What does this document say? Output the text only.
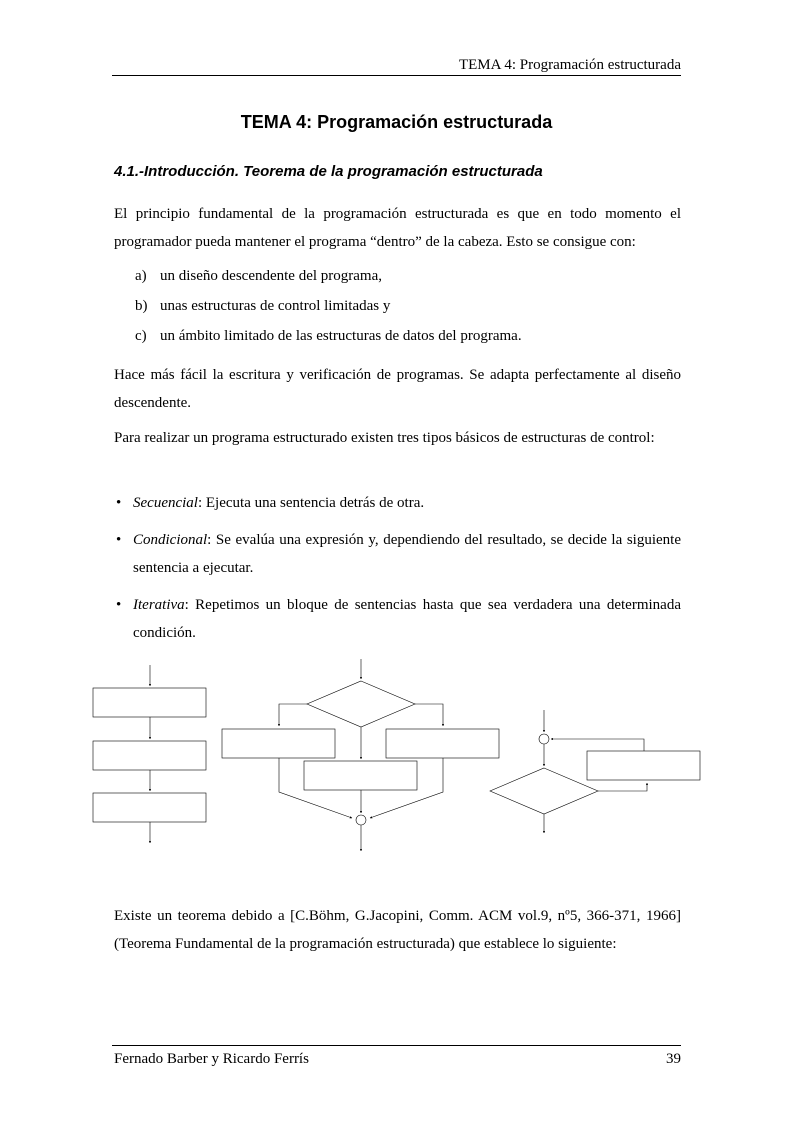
TEMA 4: Programación estructurada
TEMA 4: Programación estructurada
4.1.-Introducción. Teorema de la programación estructurada

El principio fundamental de la programación estructurada es que en todo momento el programador pueda mantener el programa “dentro” de la cabeza. Esto se consigue con:

a) un diseño descendente del programa,
b) unas estructuras de control limitadas y
c) un ámbito limitado de las estructuras de datos del programa.

Hace más fácil la escritura y verificación de programas. Se adapta perfectamente al diseño descendente.

Para realizar un programa estructurado existen tres tipos básicos de estructuras de control:

• Secuencial: Ejecuta una sentencia detrás de otra.

• Condicional: Se evalúa una expresión y, dependiendo del resultado, se decide la siguiente sentencia a ejecutar.

• Iterativa: Repetimos un bloque de sentencias hasta que sea verdadera una determinada condición.

Existe un teorema debido a [C.Böhm, G.Jacopini, Comm. ACM vol.9, nº5, 366-371, 1966] (Teorema Fundamental de la programación estructurada) que establece lo siguiente:

Fernado Barber y Ricardo Ferrís	39
